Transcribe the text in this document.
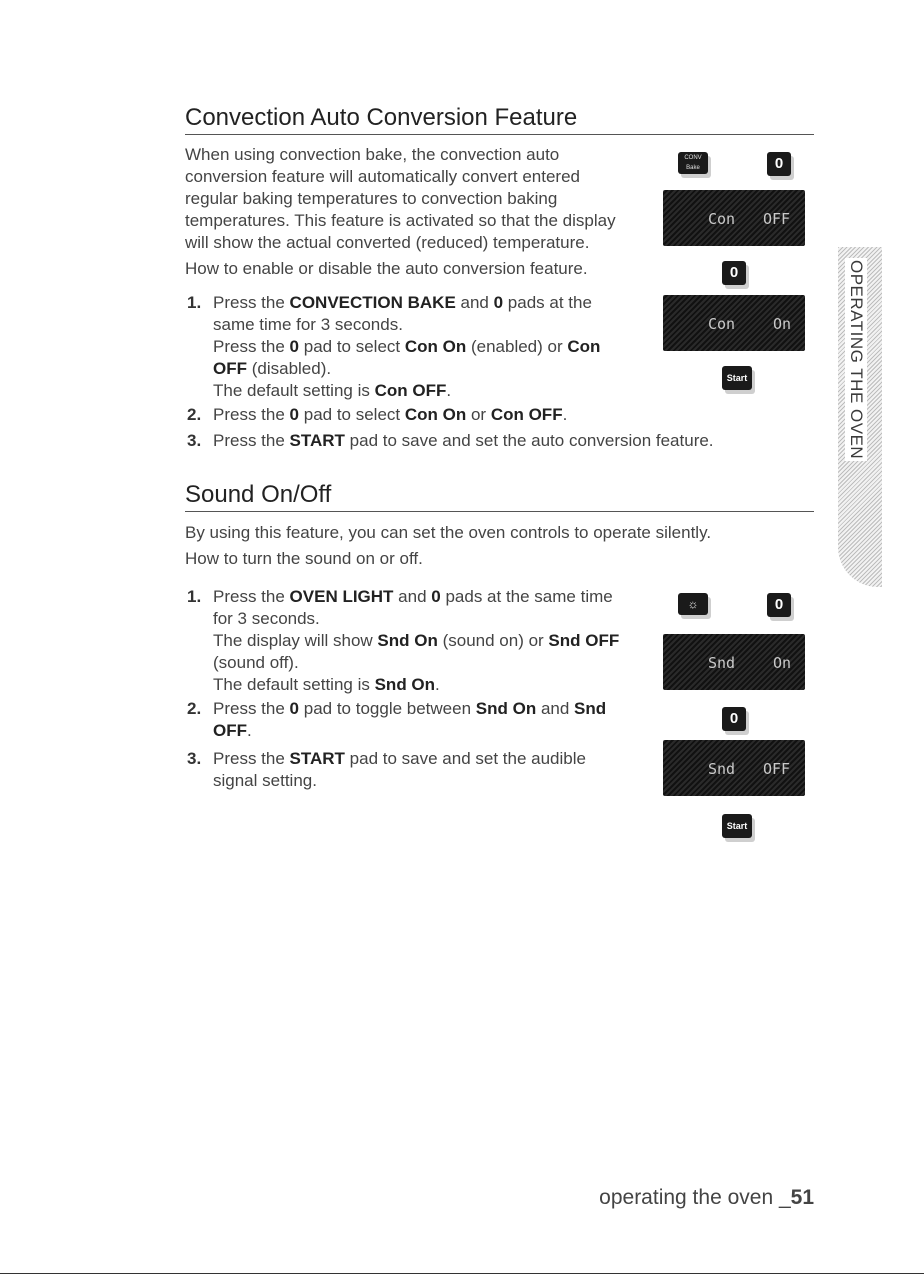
Convection Auto Conversion Feature
When using convection bake, the convection auto
conversion feature will automatically convert entered
regular baking temperatures to convection baking
temperatures. This feature is activated so that the display
will show the actual converted (reduced) temperature.
How to enable or disable the auto conversion feature.
1. Press the CONVECTION BAKE and 0 pads at the
same time for 3 seconds.
Press the 0 pad to select Con On (enabled) or Con
OFF (disabled).
The default setting is Con OFF.
2. Press the 0 pad to select Con On or Con OFF.
3. Press the START pad to save and set the auto conversion feature.
CONV
Bake	0
Con OFF
0
Con	On
Start
Sound On/Off
By using this feature, you can set the oven controls to operate silently.
How to turn the sound on or off.
1. Press the OVEN LIGHT and 0 pads at the same time
for 3 seconds.
The display will show Snd On (sound on) or Snd OFF
(sound off).
The default setting is Snd On.
2. Press the 0 pad to toggle between Snd On and Snd
OFF.
3. Press the START pad to save and set the audible
signal setting.
☼	0
Snd	On
0
Snd OFF
Start
OPERATING THE OVEN
operating the oven _51
